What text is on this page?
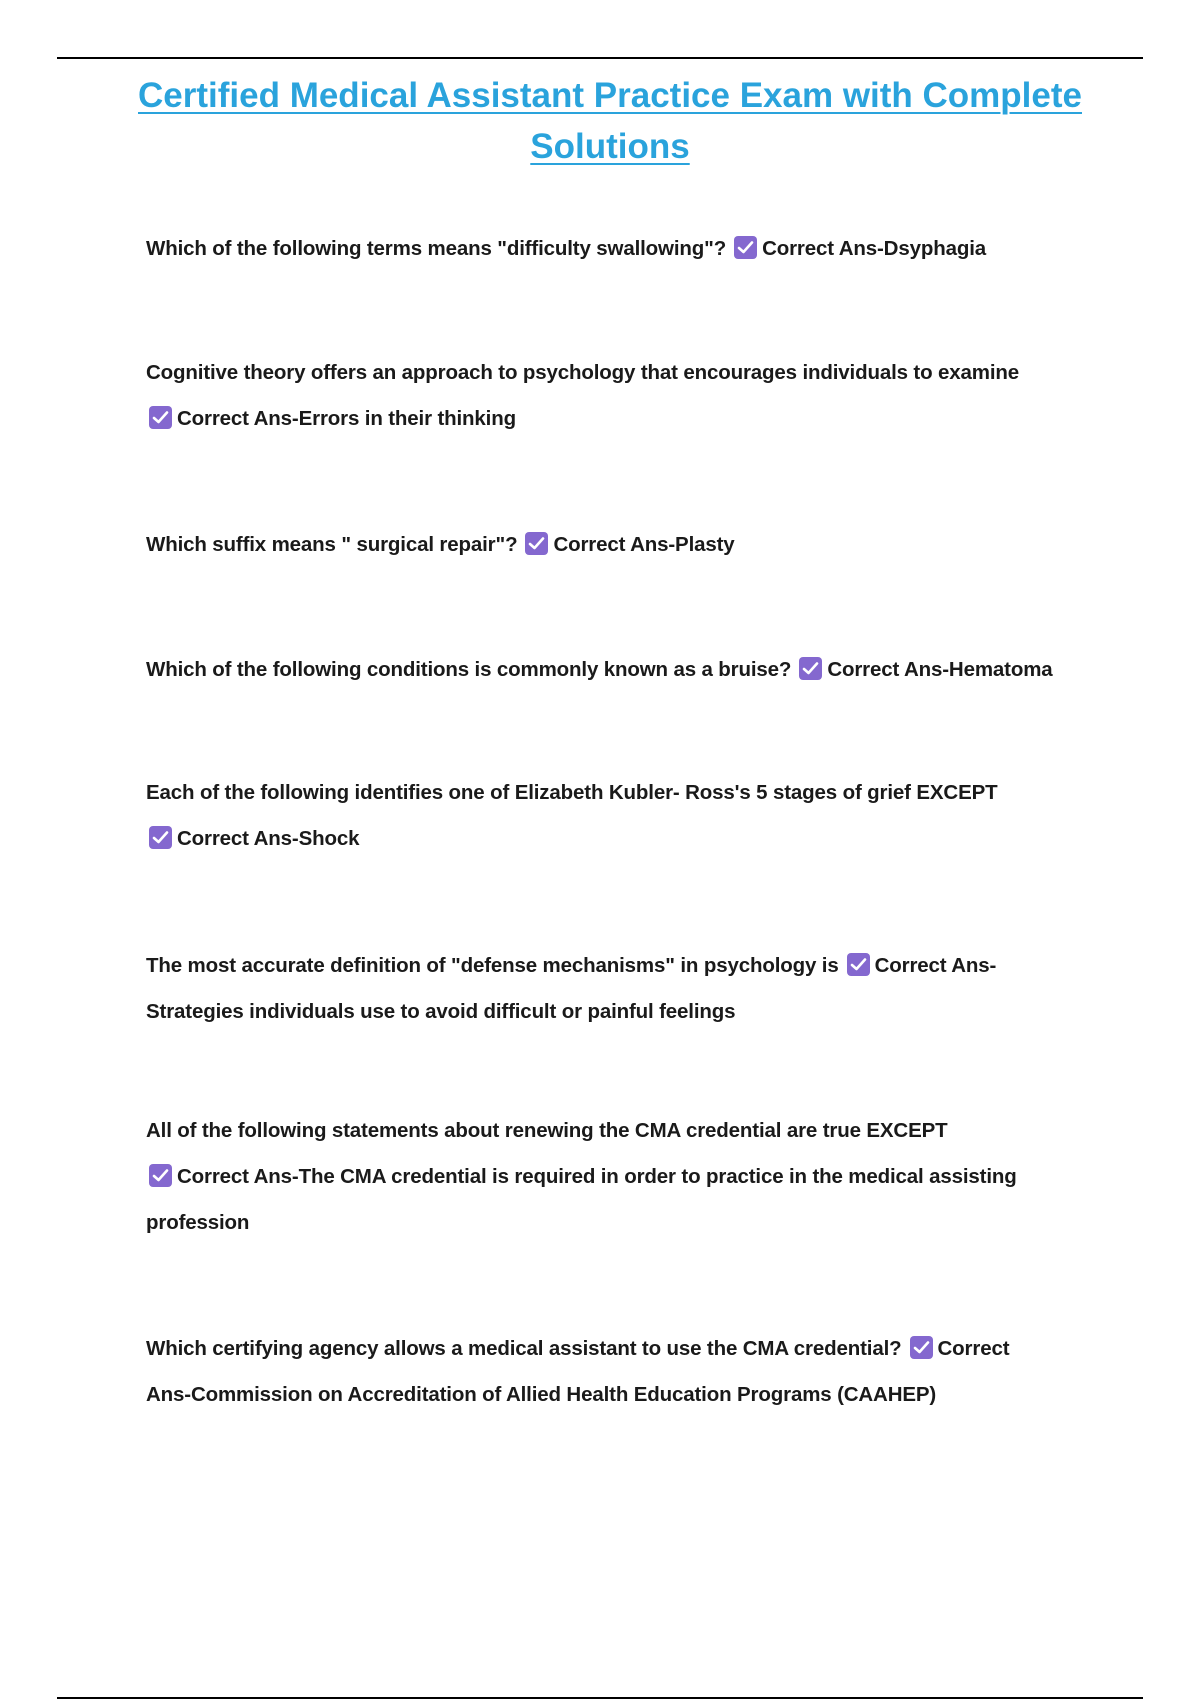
Certified Medical Assistant Practice Exam with Complete
Solutions
Which of the following terms means "difficulty swallowing"? Correct Ans-Dsyphagia
Cognitive theory offers an approach to psychology that encourages individuals to examine

Correct Ans-Errors in their thinking
Which suffix means " surgical repair"? Correct Ans-Plasty
Which of the following conditions is commonly known as a bruise? Correct Ans-Hematoma
Each of the following identifies one of Elizabeth Kubler- Ross's 5 stages of grief EXCEPT

Correct Ans-Shock
The most accurate definition of "defense mechanisms" in psychology is Correct Ans-
Strategies individuals use to avoid difficult or painful feelings
All of the following statements about renewing the CMA credential are true EXCEPT

Correct Ans-The CMA credential is required in order to practice in the medical assisting
profession
Which certifying agency allows a medical assistant to use the CMA credential? Correct
Ans-Commission on Accreditation of Allied Health Education Programs (CAAHEP)
